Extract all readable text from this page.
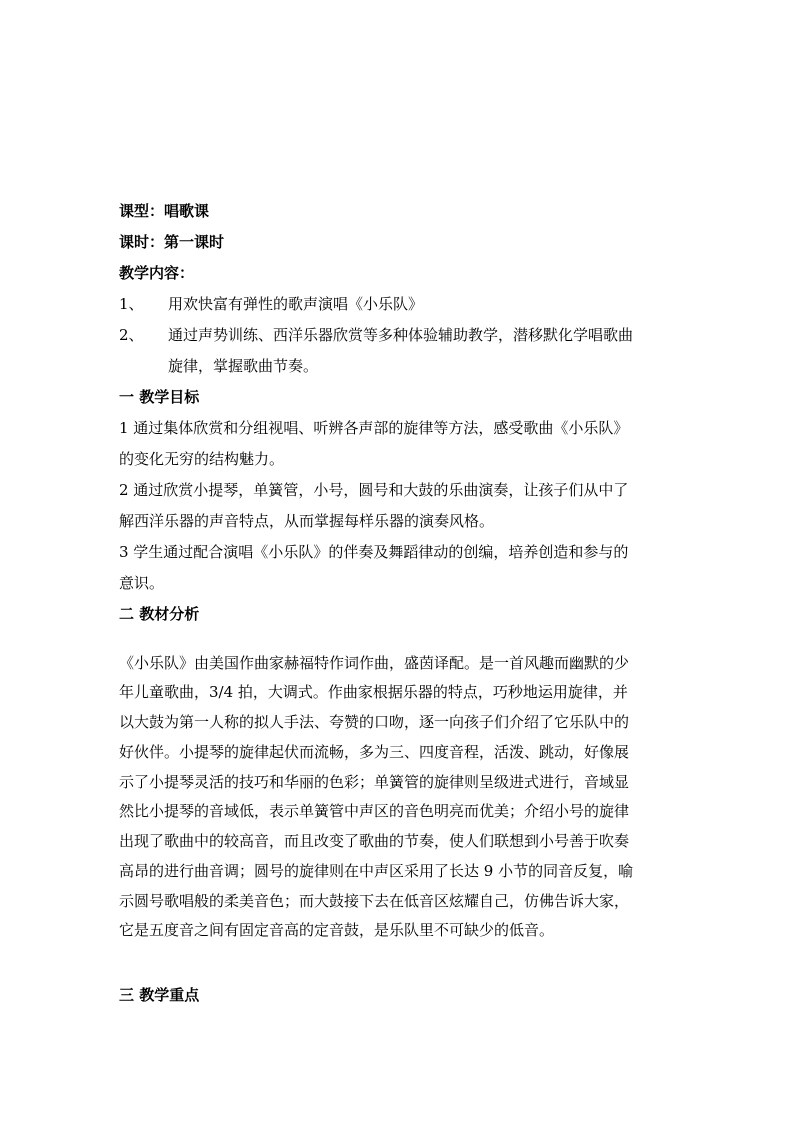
课型：唱歌课
课时：第一课时
教学内容：
1、 用欢快富有弹性的歌声演唱《小乐队》
2、 通过声势训练、西洋乐器欣赏等多种体验辅助教学，潜移默化学唱歌曲
旋律，掌握歌曲节奏。
一 教学目标
1 通过集体欣赏和分组视唱、听辨各声部的旋律等方法，感受歌曲《小乐队》
的变化无穷的结构魅力。
2 通过欣赏小提琴，单簧管，小号，圆号和大鼓的乐曲演奏，让孩子们从中了
解西洋乐器的声音特点，从而掌握每样乐器的演奏风格。
3 学生通过配合演唱《小乐队》的伴奏及舞蹈律动的创编，培养创造和参与的
意识。
二 教材分析
《小乐队》由美国作曲家赫福特作词作曲，盛茵译配。是一首风趣而幽默的少
年儿童歌曲，3/4 拍，大调式。作曲家根据乐器的特点，巧秒地运用旋律，并
以大鼓为第一人称的拟人手法、夸赞的口吻，逐一向孩子们介绍了它乐队中的
好伙伴。小提琴的旋律起伏而流畅，多为三、四度音程，活泼、跳动，好像展
示了小提琴灵活的技巧和华丽的色彩；单簧管的旋律则呈级进式进行，音域显
然比小提琴的音域低，表示单簧管中声区的音色明亮而优美；介绍小号的旋律
出现了歌曲中的较高音，而且改变了歌曲的节奏，使人们联想到小号善于吹奏
高昂的进行曲音调；圆号的旋律则在中声区采用了长达 9 小节的同音反复，喻
示圆号歌唱般的柔美音色；而大鼓接下去在低音区炫耀自己，仿佛告诉大家，
它是五度音之间有固定音高的定音鼓，是乐队里不可缺少的低音。
三 教学重点
